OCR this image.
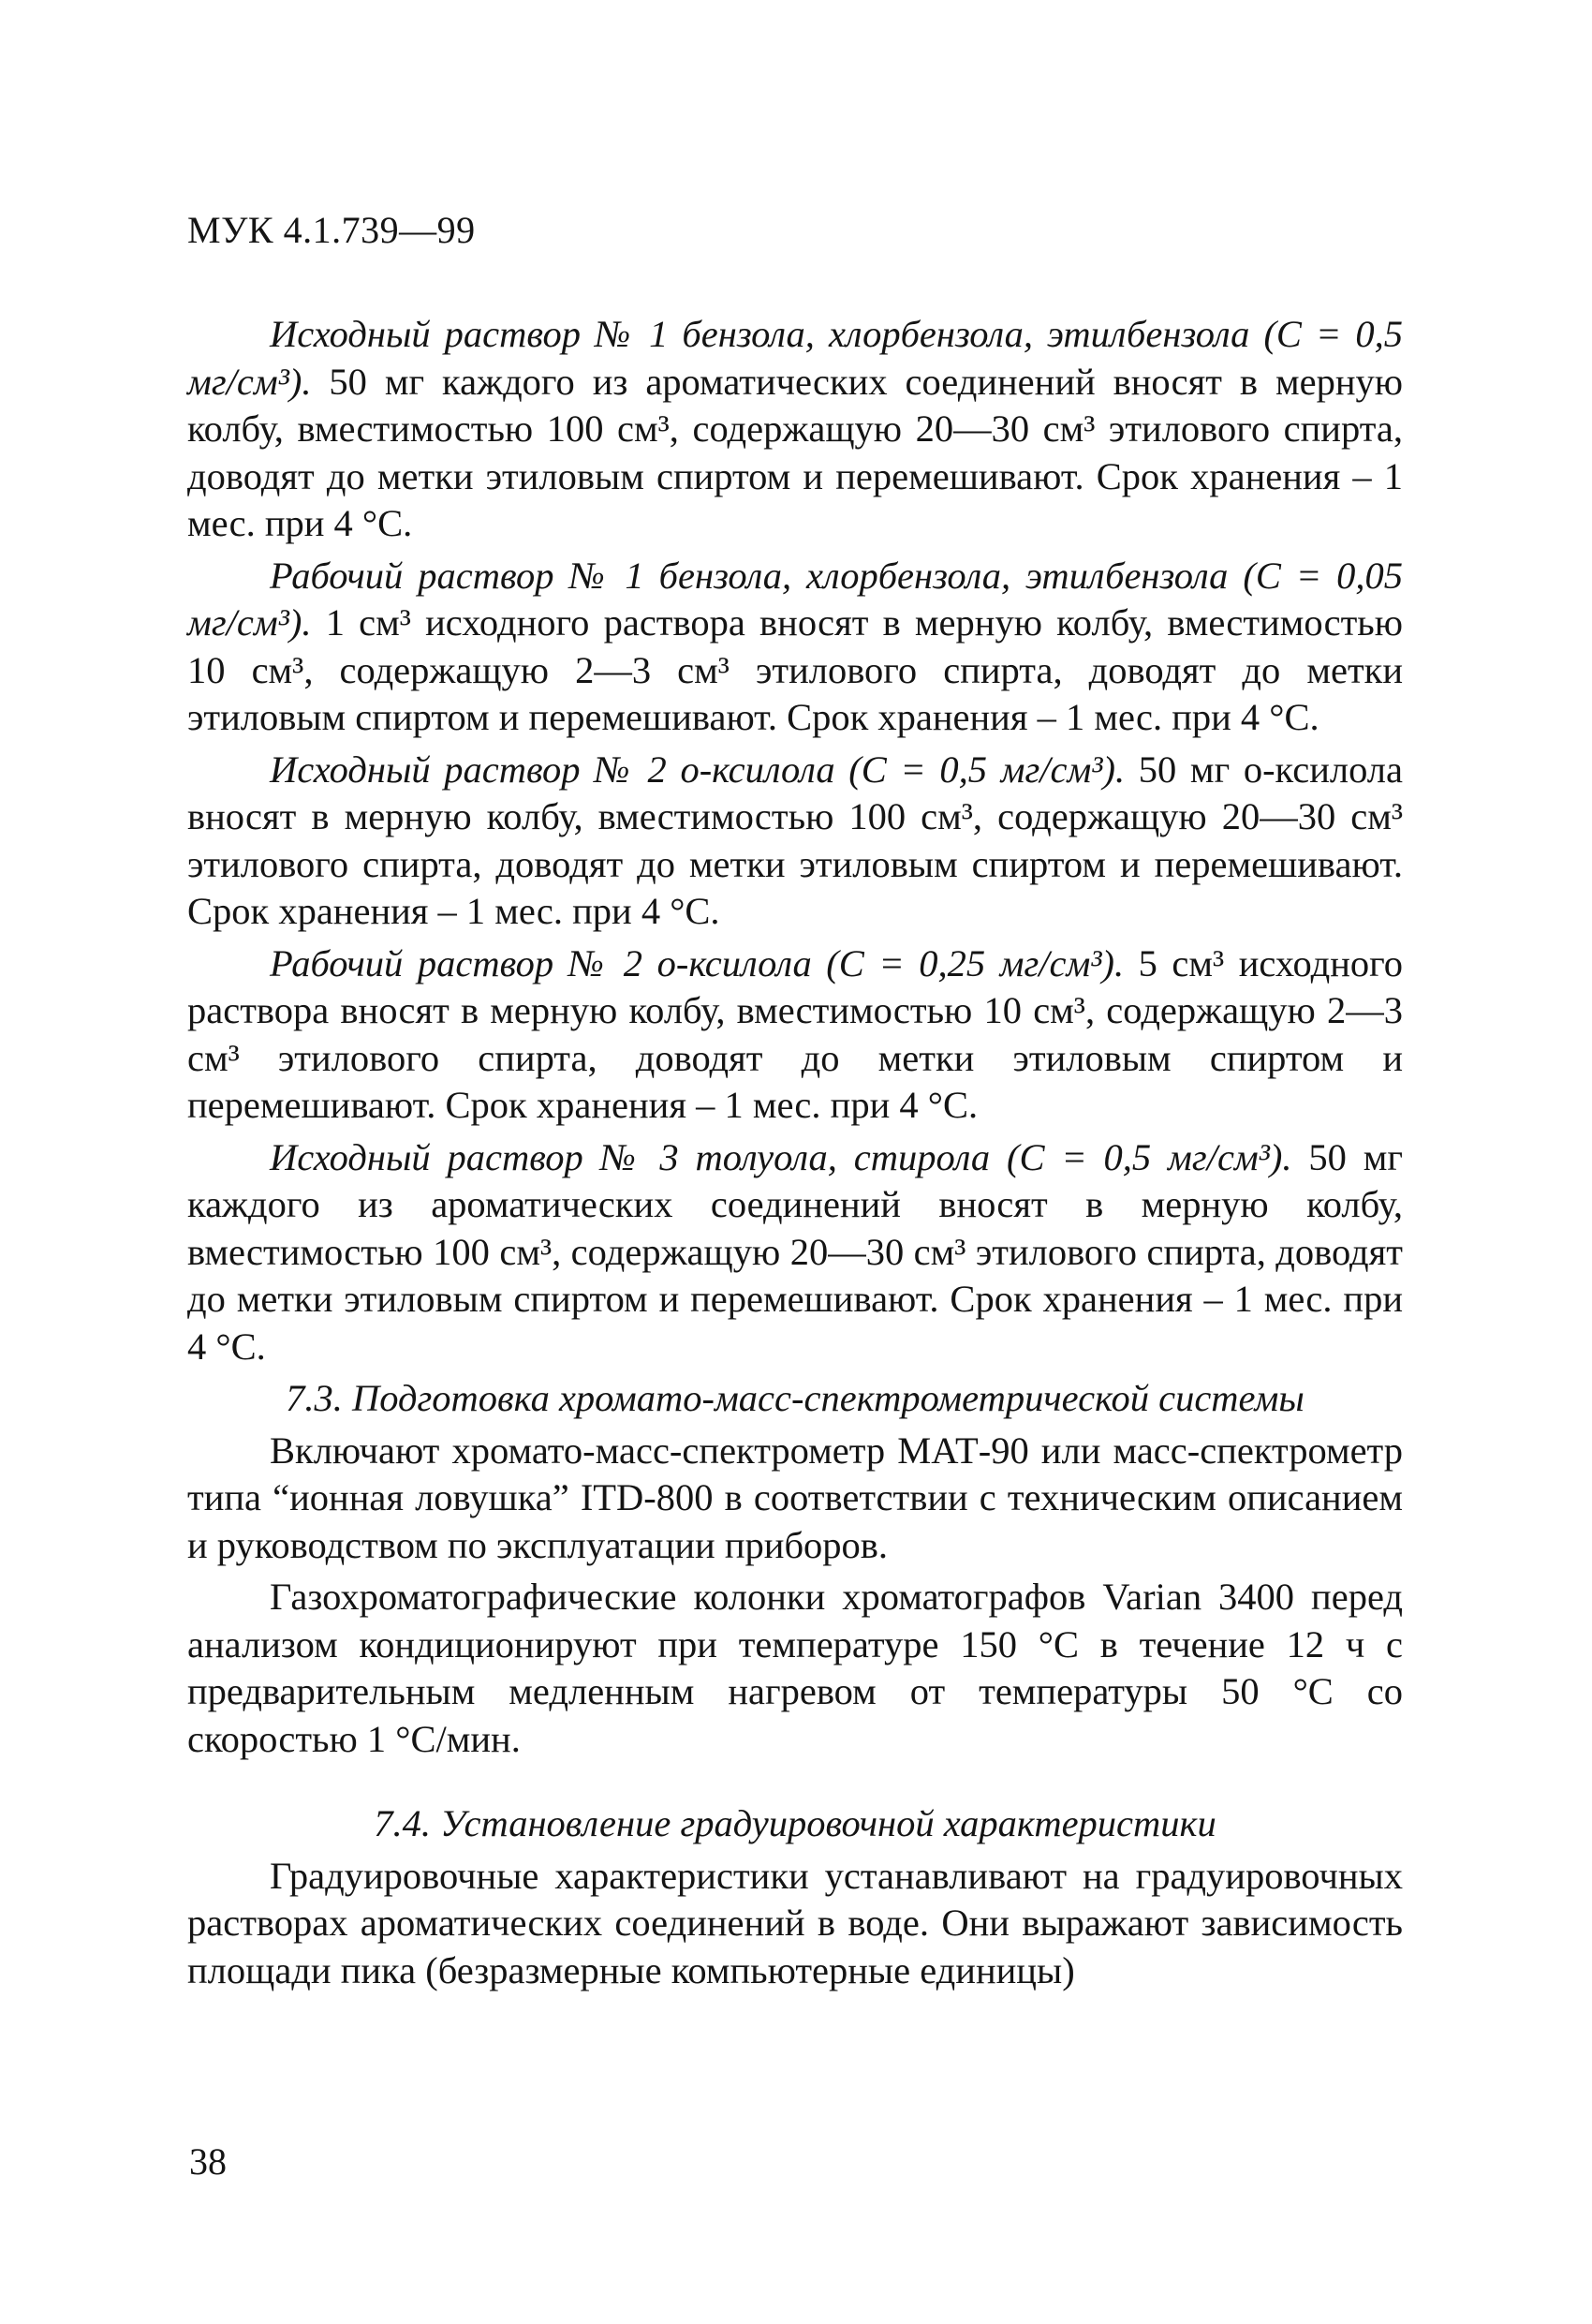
МУК 4.1.739—99

Исходный раствор № 1 бензола, хлорбензола, этилбензола (С = 0,5 мг/см³). 50 мг каждого из ароматических соединений вносят в мерную колбу, вместимостью 100 см³, содержащую 20—30 см³ этилового спирта, доводят до метки этиловым спиртом и перемешивают. Срок хранения – 1 мес. при 4 °С.

Рабочий раствор № 1 бензола, хлорбензола, этилбензола (С = 0,05 мг/см³). 1 см³ исходного раствора вносят в мерную колбу, вместимостью 10 см³, содержащую 2—3 см³ этилового спирта, доводят до метки этиловым спиртом и перемешивают. Срок хранения – 1 мес. при 4 °С.

Исходный раствор № 2 о-ксилола (С = 0,5 мг/см³). 50 мг о-ксилола вносят в мерную колбу, вместимостью 100 см³, содержащую 20—30 см³ этилового спирта, доводят до метки этиловым спиртом и перемешивают. Срок хранения – 1 мес. при 4 °С.

Рабочий раствор № 2 о-ксилола (С = 0,25 мг/см³). 5 см³ исходного раствора вносят в мерную колбу, вместимостью 10 см³, содержащую 2—3 см³ этилового спирта, доводят до метки этиловым спиртом и перемешивают. Срок хранения – 1 мес. при 4 °С.

Исходный раствор № 3 толуола, стирола (С = 0,5 мг/см³). 50 мг каждого из ароматических соединений вносят в мерную колбу, вместимостью 100 см³, содержащую 20—30 см³ этилового спирта, доводят до метки этиловым спиртом и перемешивают. Срок хранения – 1 мес. при 4 °С.

7.3. Подготовка хромато-масс-спектрометрической системы

Включают хромато-масс-спектрометр МАТ-90 или масс-спектрометр типа “ионная ловушка” ITD-800 в соответствии с техническим описанием и руководством по эксплуатации приборов.

Газохроматографические колонки хроматографов Varian 3400 перед анализом кондиционируют при температуре 150 °С в течение 12 ч с предварительным медленным нагревом от температуры 50 °С со скоростью 1 °С/мин.

7.4. Установление градуировочной характеристики

Градуировочные характеристики устанавливают на градуировочных растворах ароматических соединений в воде. Они выражают зависимость площади пика (безразмерные компьютерные единицы)

38
